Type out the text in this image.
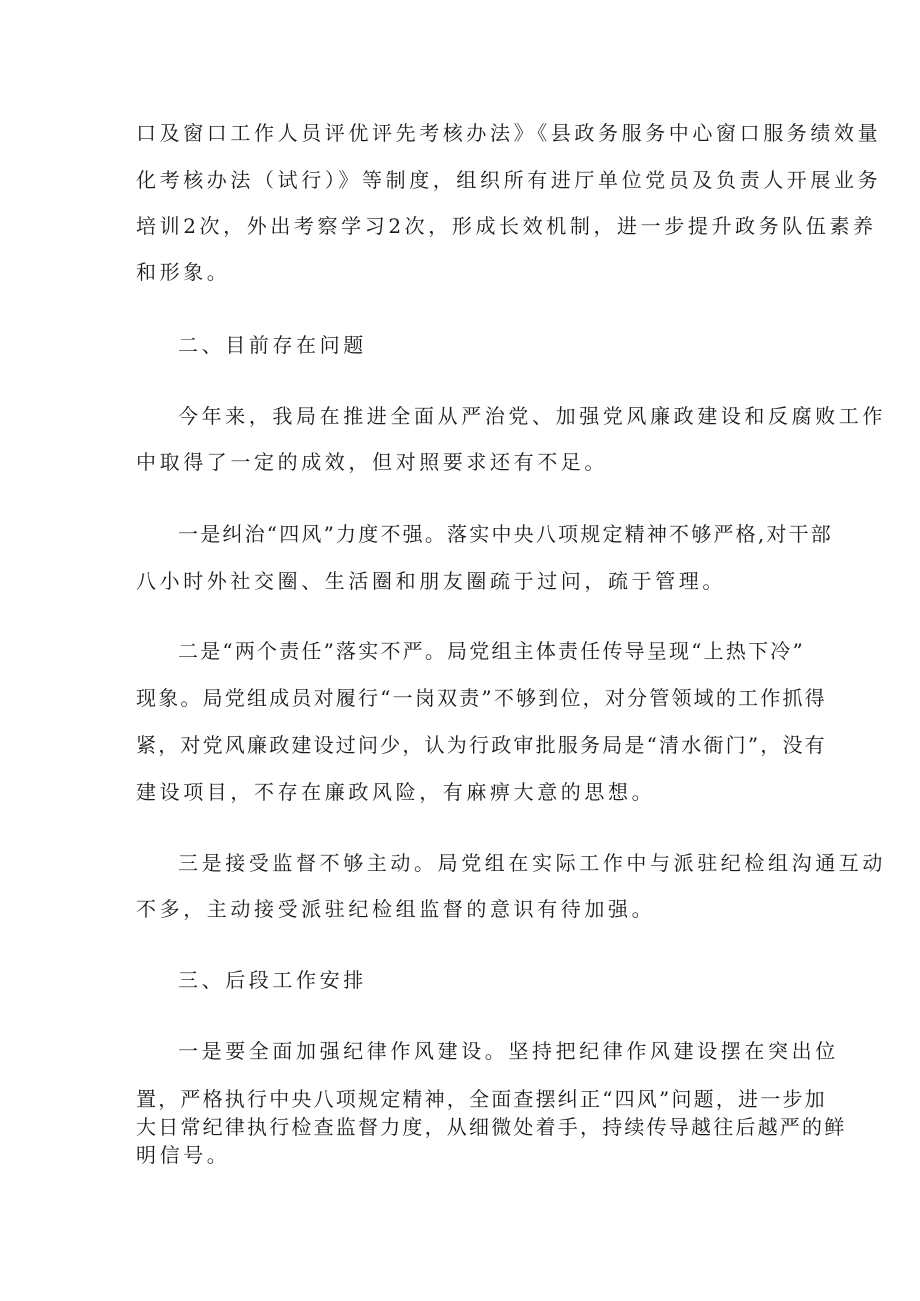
口及窗口工作人员评优评先考核办法》《县政务服务中心窗口服务绩效量
化考核办法（试行）》等制度，组织所有进厅单位党员及负责人开展业务
培训2次，外出考察学习2次，形成长效机制，进一步提升政务队伍素养
和形象。
二、目前存在问题
今年来，我局在推进全面从严治党、加强党风廉政建设和反腐败工作
中取得了一定的成效，但对照要求还有不足。
一是纠治“四风”力度不强。落实中央八项规定精神不够严格,对干部
八小时外社交圈、生活圈和朋友圈疏于过问，疏于管理。
二是“两个责任”落实不严。局党组主体责任传导呈现“上热下冷”
现象。局党组成员对履行“一岗双责”不够到位，对分管领域的工作抓得
紧，对党风廉政建设过问少，认为行政审批服务局是“清水衙门”，没有
建设项目，不存在廉政风险，有麻痹大意的思想。
三是接受监督不够主动。局党组在实际工作中与派驻纪检组沟通互动
不多，主动接受派驻纪检组监督的意识有待加强。
三、后段工作安排
一是要全面加强纪律作风建设。坚持把纪律作风建设摆在突出位
置，严格执行中央八项规定精神，全面查摆纠正“四风”问题，进一步加
大日常纪律执行检查监督力度，从细微处着手，持续传导越往后越严的鲜
明信号。
